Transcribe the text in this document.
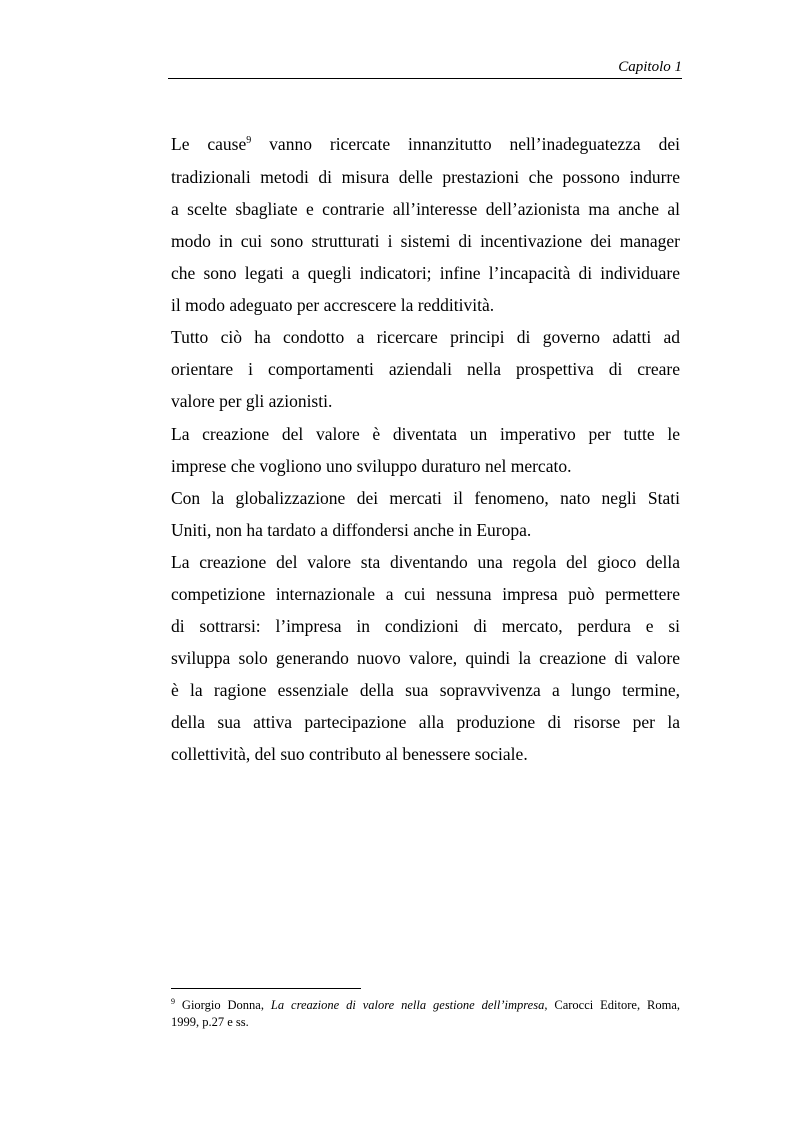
Capitolo 1
Le cause$^9$ vanno ricercate innanzitutto nell’inadeguatezza dei
tradizionali metodi di misura delle prestazioni che possono indurre
a scelte sbagliate e contrarie all’interesse dell’azionista ma anche al
modo in cui sono strutturati i sistemi di incentivazione dei manager
che sono legati a quegli indicatori; infine l’incapacità di individuare
il modo adeguato per accrescere la redditività.
Tutto ciò ha condotto a ricercare principi di governo adatti ad
orientare i comportamenti aziendali nella prospettiva di creare
valore per gli azionisti.
La creazione del valore è diventata un imperativo per tutte le
imprese che vogliono uno sviluppo duraturo nel mercato.
Con la globalizzazione dei mercati il fenomeno, nato negli Stati
Uniti, non ha tardato a diffondersi anche in Europa.
La creazione del valore sta diventando una regola del gioco della
competizione internazionale a cui nessuna impresa può permettere
di sottrarsi: l’impresa in condizioni di mercato, perdura e si
sviluppa solo generando nuovo valore, quindi la creazione di valore
è la ragione essenziale della sua sopravvivenza a lungo termine,
della sua attiva partecipazione alla produzione di risorse per la
collettività, del suo contributo al benessere sociale.
$^9$ Giorgio Donna, La creazione di valore nella gestione dell’impresa, Carocci Editore, Roma,
1999, p.27 e ss.
